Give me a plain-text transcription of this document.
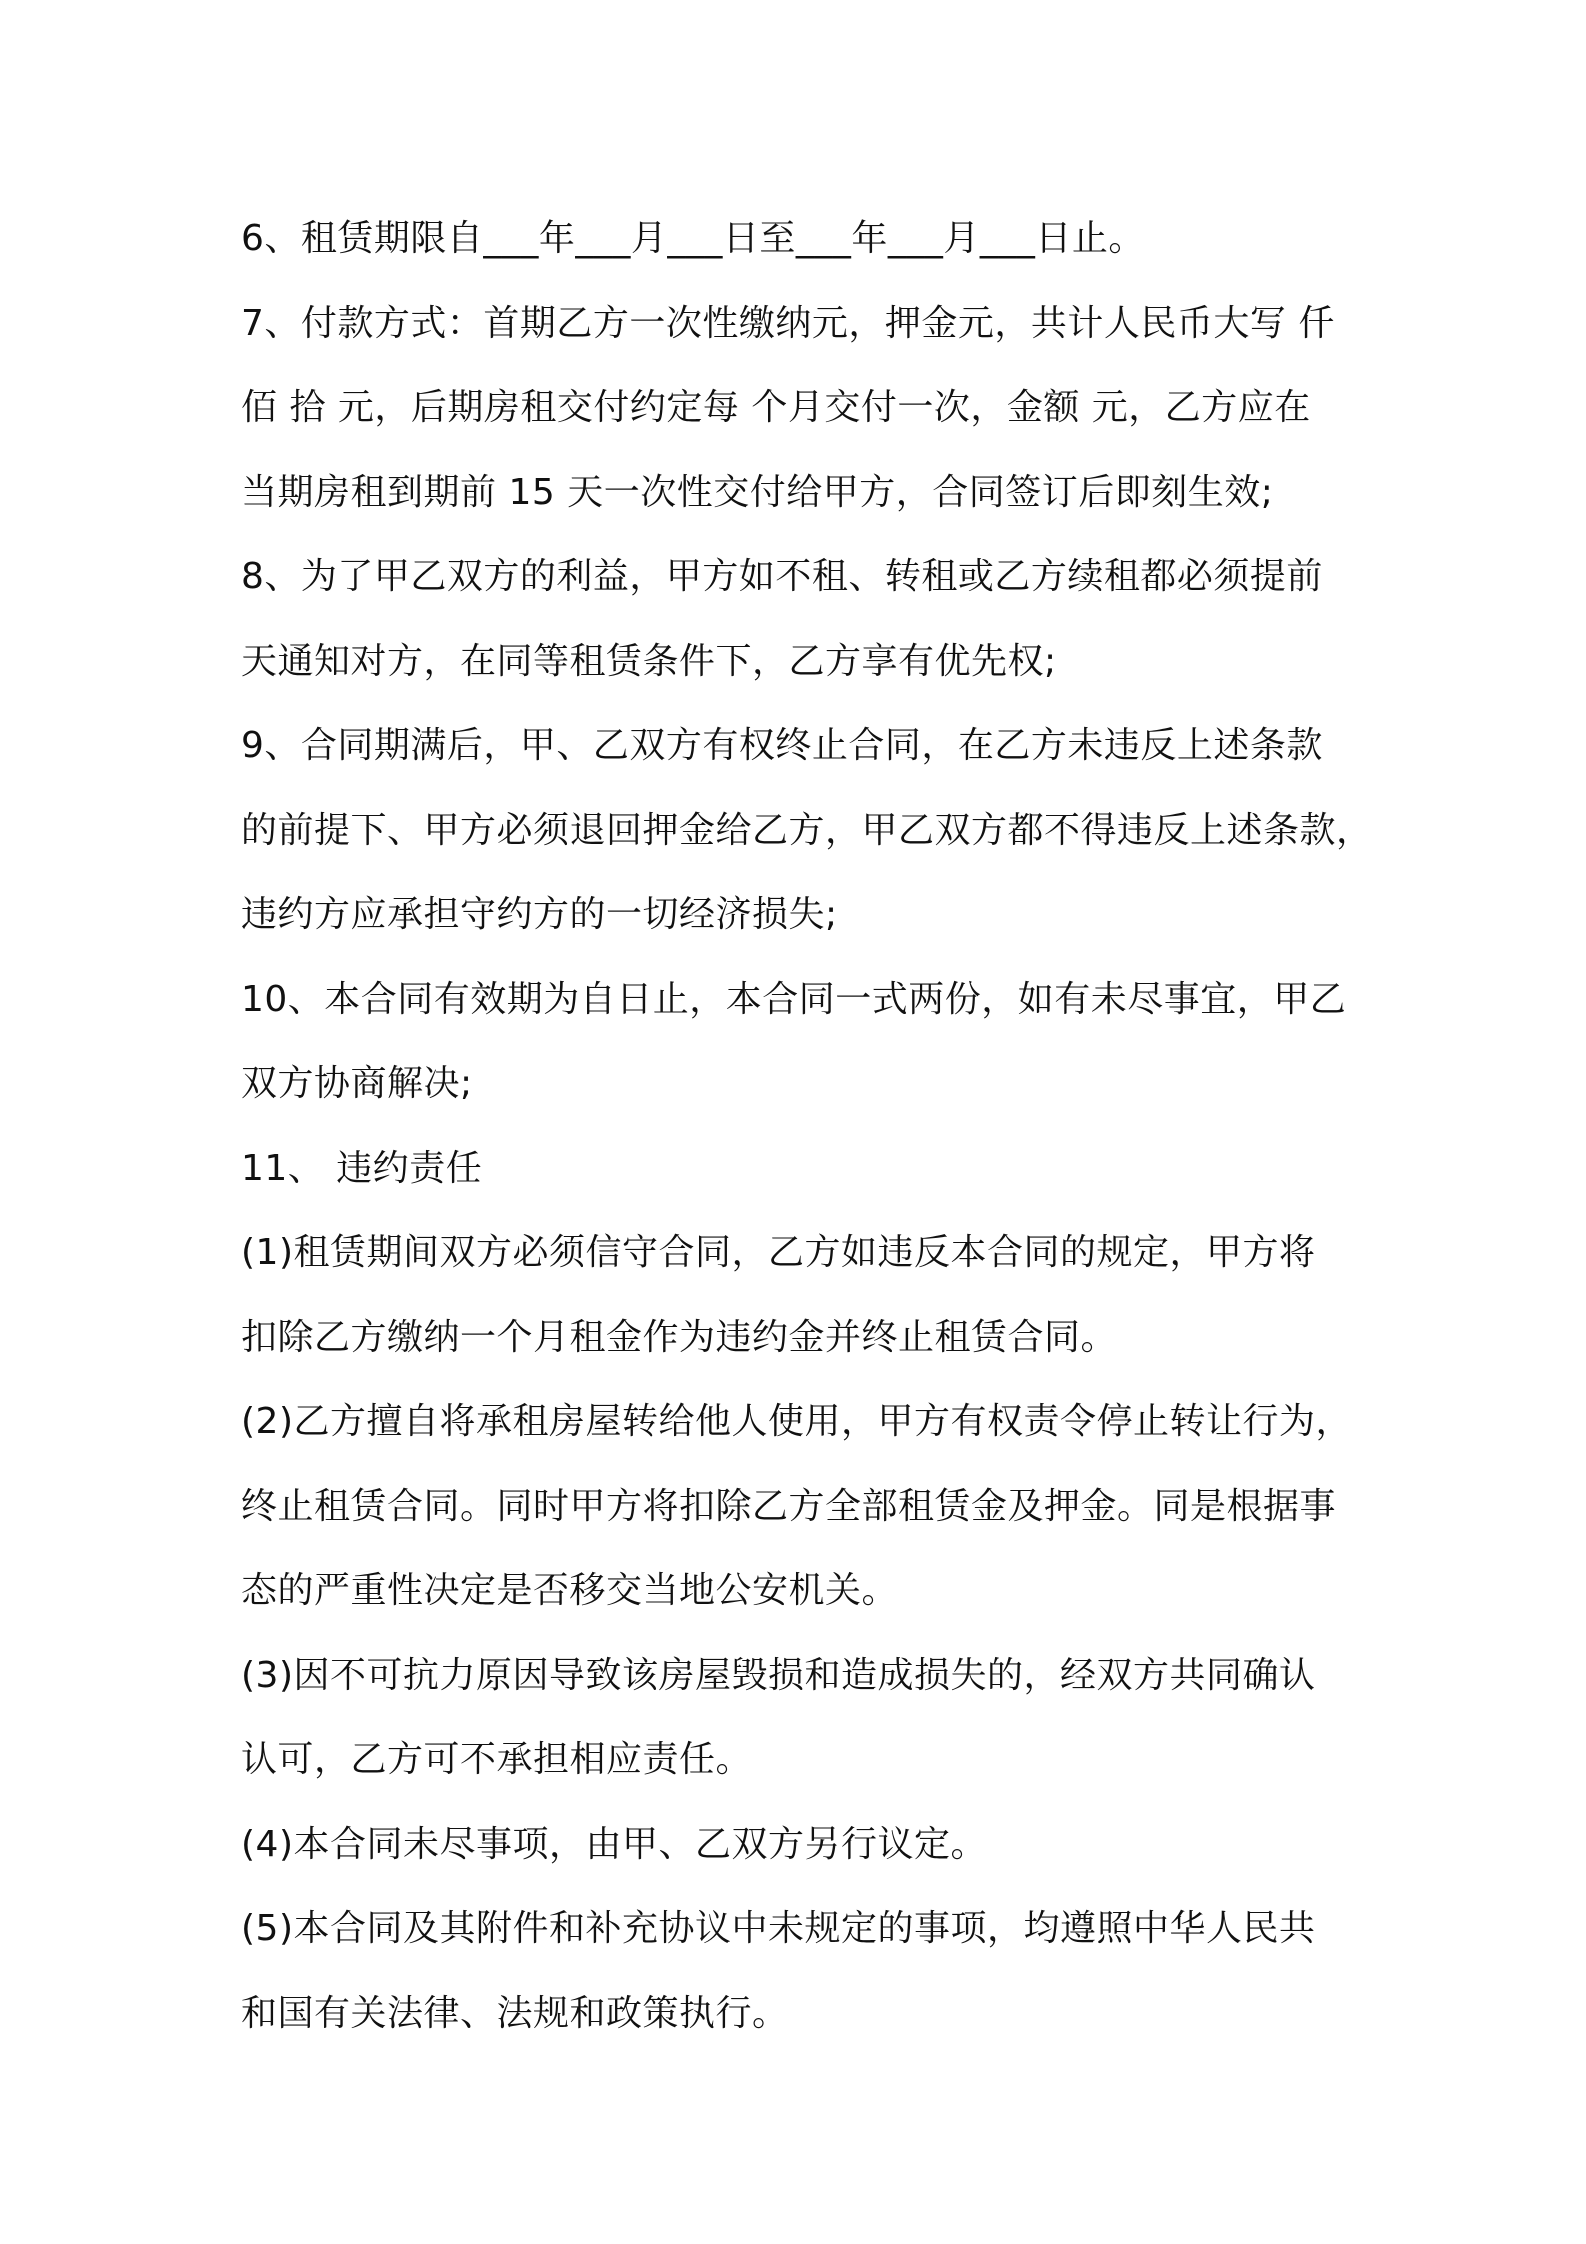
6、租赁期限自___年___月___日至___年___月___日止。
7、付款方式：首期乙方一次性缴纳元，押金元，共计人民币大写 仟
佰 拾 元，后期房租交付约定每 个月交付一次，金额 元，乙方应在
当期房租到期前 15 天一次性交付给甲方，合同签订后即刻生效;
8、为了甲乙双方的利益，甲方如不租、转租或乙方续租都必须提前
天通知对方，在同等租赁条件下，乙方享有优先权;
9、合同期满后，甲、乙双方有权终止合同，在乙方未违反上述条款
的前提下、甲方必须退回押金给乙方，甲乙双方都不得违反上述条款，
违约方应承担守约方的一切经济损失;
10、本合同有效期为自日止，本合同一式两份，如有未尽事宜，甲乙
双方协商解决;
11、 违约责任
(1)租赁期间双方必须信守合同，乙方如违反本合同的规定，甲方将
扣除乙方缴纳一个月租金作为违约金并终止租赁合同。
(2)乙方擅自将承租房屋转给他人使用，甲方有权责令停止转让行为，
终止租赁合同。同时甲方将扣除乙方全部租赁金及押金。同是根据事
态的严重性决定是否移交当地公安机关。
(3)因不可抗力原因导致该房屋毁损和造成损失的，经双方共同确认
认可，乙方可不承担相应责任。
(4)本合同未尽事项，由甲、乙双方另行议定。
(5)本合同及其附件和补充协议中未规定的事项，均遵照中华人民共
和国有关法律、法规和政策执行。
